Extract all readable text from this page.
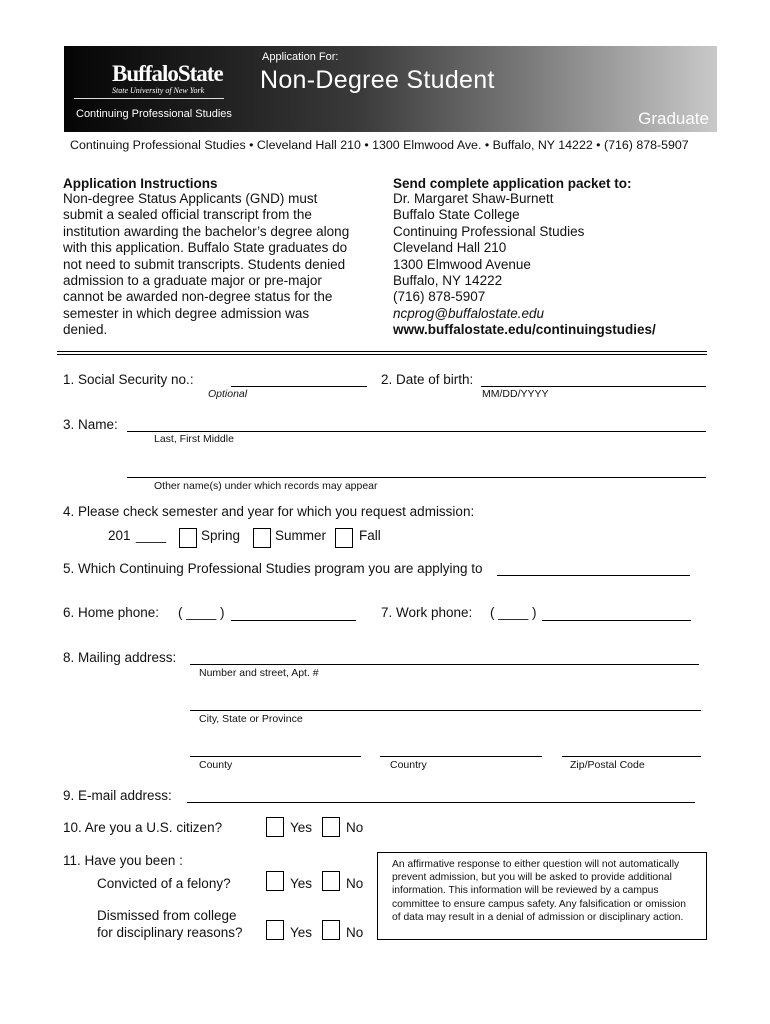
BuffaloState
State University of New York
Continuing Professional Studies
Application For:
Non-Degree Student
Graduate
Continuing Professional Studies • Cleveland Hall 210 • 1300 Elmwood Ave. • Buffalo, NY 14222 • (716) 878-5907
Application Instructions
Non-degree Status Applicants (GND) must submit a sealed official transcript from the institution awarding the bachelor’s degree along with this application. Buffalo State graduates do not need to submit transcripts. Students denied admission to a graduate major or pre-major cannot be awarded non-degree status for the semester in which degree admission was denied.
Send complete application packet to:
Dr. Margaret Shaw-Burnett
Buffalo State College
Continuing Professional Studies
Cleveland Hall 210
1300 Elmwood Avenue
Buffalo, NY 14222
(716) 878-5907
ncprog@buffalostate.edu
www.buffalostate.edu/continuingstudies/
1. Social Security no.:
Optional
2. Date of birth:
MM/DD/YYYY
3. Name:
Last, First Middle
Other name(s) under which records may appear
4. Please check semester and year for which you request admission:
201 ____	Spring	Summer Fall
5. Which Continuing Professional Studies program you are applying to
6. Home phone: ( ____ )	7. Work phone: ( ____ )
8. Mailing address:
Number and street, Apt. #
City, State or Province
County	Country	Zip/Postal Code
9. E-mail address:
10. Are you a U.S. citizen?	Yes	No
11. Have you been :
Convicted of a felony?	Yes	No
Dismissed from college
for disciplinary reasons?	Yes	No
An affirmative response to either question will not automatically prevent admission, but you will be asked to provide additional information. This information will be reviewed by a campus committee to ensure campus safety. Any falsification or omission of data may result in a denial of admission or disciplinary action.
